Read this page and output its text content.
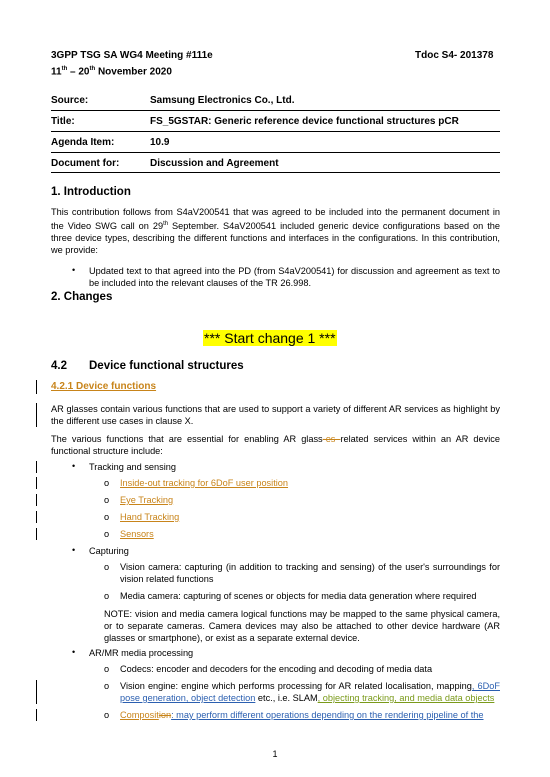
3GPP TSG SA WG4 Meeting #111e	Tdoc S4- 201378
11th – 20th November 2020
Source:	Samsung Electronics Co., Ltd.
Title:	FS_5GSTAR: Generic reference device functional structures pCR
Agenda Item:	10.9
Document for:	Discussion and Agreement
1. Introduction
This contribution follows from S4aV200541 that was agreed to be included into the permanent document in the Video SWG call on 29th September. S4aV200541 included generic device configurations based on the three device types, describing the different functions and interfaces in the configurations. In this contribution, we provide:
• Updated text to that agreed into the PD (from S4aV200541) for discussion and agreement as text to be included into the relevant clauses of the TR 26.998.
2. Changes
*** Start change 1 ***
4.2 Device functional structures
4.2.1 Device functions
AR glasses contain various functions that are used to support a variety of different AR services as highlight by the different use cases in clause X.
The various functions that are essential for enabling AR glass-es related services within an AR device functional structure include:
• Tracking and sensing
o Inside-out tracking for 6DoF user position
o Eye Tracking
o Hand Tracking
o Sensors
• Capturing
o Vision camera: capturing (in addition to tracking and sensing) of the user's surroundings for vision related functions
o Media camera: capturing of scenes or objects for media data generation where required
NOTE: vision and media camera logical functions may be mapped to the same physical camera, or to separate cameras. Camera devices may also be attached to other device hardware (AR glasses or smartphone), or exist as a separate external device.
• AR/MR media processing
o Codecs: encoder and decoders for the encoding and decoding of media data
o Vision engine: engine which performs processing for AR related localisation, mapping, 6DoF pose generation, object detection etc., i.e. SLAM, objecting tracking, and media data objects
o Composition: may perform different operations depending on the rendering pipeline of the
1
